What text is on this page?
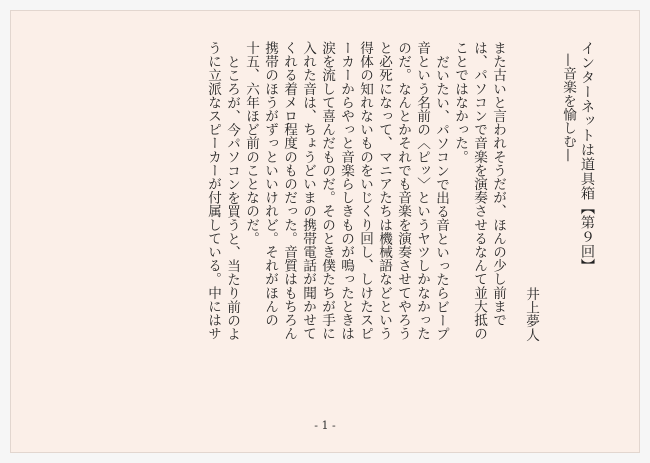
インターネットは道具箱【第９回】
—音楽を愉しむ—

井上夢人

また古いと言われそうだが、ほんの少し前まで

は、パソコンで音楽を演奏させるなんて並大抵の

ことではなかった。

だいたい、パソコンで出る音といったらビープ

音という名前の〈ピッ〉というヤツしかなかった

のだ。なんとかそれでも音楽を演奏させてやろう

と必死になって、マニアたちは機械語などという

得体の知れないものをいじくり回し、しけたスピ

ーカーからやっと音楽らしきものが鳴ったときは

涙を流して喜んだものだ。そのとき僕たちが手に

入れた音は、ちょうどいまの携帯電話が聞かせて

くれる着メロ程度のものだった。音質はもちろん

携帯のほうがずっといいけれど。それがほんの

十五、六年ほど前のことなのだ。

ところが、今パソコンを買うと、当たり前のよ

うに立派なスピーカーが付属している。中にはサ

- 1 -
